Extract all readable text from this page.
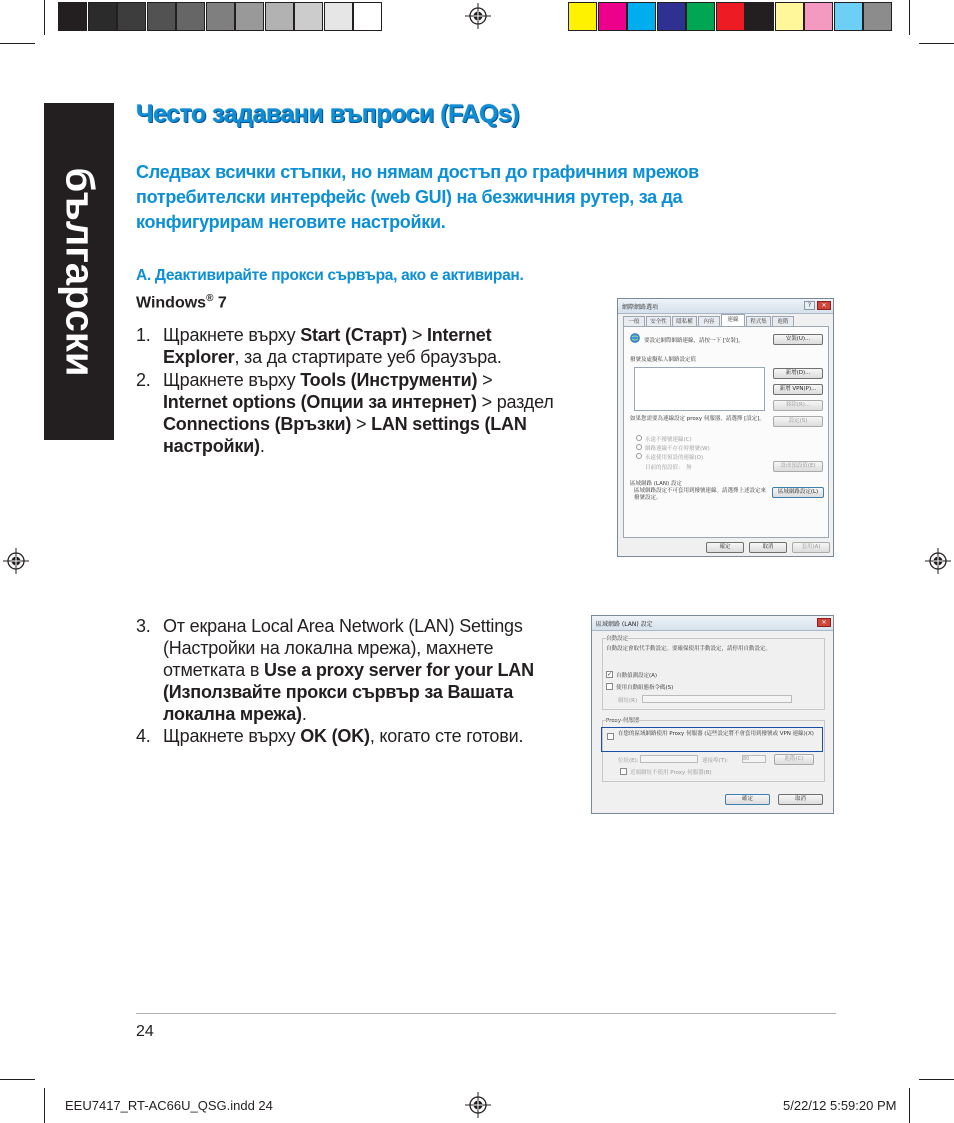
български
Често задавани въпроси (FAQs)
Следвах всички стъпки, но нямам достъп до графичния мрежов потребителски интерфейс (web GUI) на безжичния рутер, за да конфигурирам неговите настройки.
A. Деактивирайте прокси сървъра, ако е активиран.
Windows® 7
1. Щракнете върху Start (Старт) > Internet
Explorer, за да стартирате уеб браузъра.
2. Щракнете върху Tools (Инструменти) >
Internet options (Опции за интернет) > раздел
Connections (Връзки) > LAN settings (LAN
настройки).
3. От екрана Local Area Network (LAN) Settings
(Настройки на локална мрежа), махнете
отметката в Use a proxy server for your LAN
(Използвайте прокси сървър за Вашата
локална мрежа).
4. Щракнете върху OK (OK), когато сте готови.
網際網路選項	?	✕
一般	安全性	隱私權	內容	連線	程式集	進階
要設定網際網路連線，請按一下 [安裝]。	安裝(U)...
撥號及虛擬私人網路設定值
新增(D)...
新增 VPN(P)...
移除(R)...
如果您需要為連線設定 proxy 伺服器，請選擇 [設定]。	設定(S)
永遠不撥號連線(C)
網路連線不存在時撥號(W)
永遠使用預設的連線(O)
目前的預設值： 無	設成預設值(E)
區域網路 (LAN) 設定
區域網路設定不可套用到撥號連線。請選擇上述設定來撥號設定。
區域網路設定(L)
確定	取消	套用(A)
區域網路 (LAN) 設定	✕
自動設定
自動設定會取代手動設定。要確保使用手動設定，請停用自動設定。
✓ 自動偵測設定(A)
使用自動組態指令碼(S)
網址(R)
Proxy 伺服器
在您的區域網路使用 Proxy 伺服器 (這些設定將不會套用到撥號或 VPN 連線)(X)
位址(E):	連接埠(T):	80	進階(C)
近端網址不使用 Proxy 伺服器(B)
確定	取消
24
EEU7417_RT-AC66U_QSG.indd 24	5/22/12 5:59:20 PM
